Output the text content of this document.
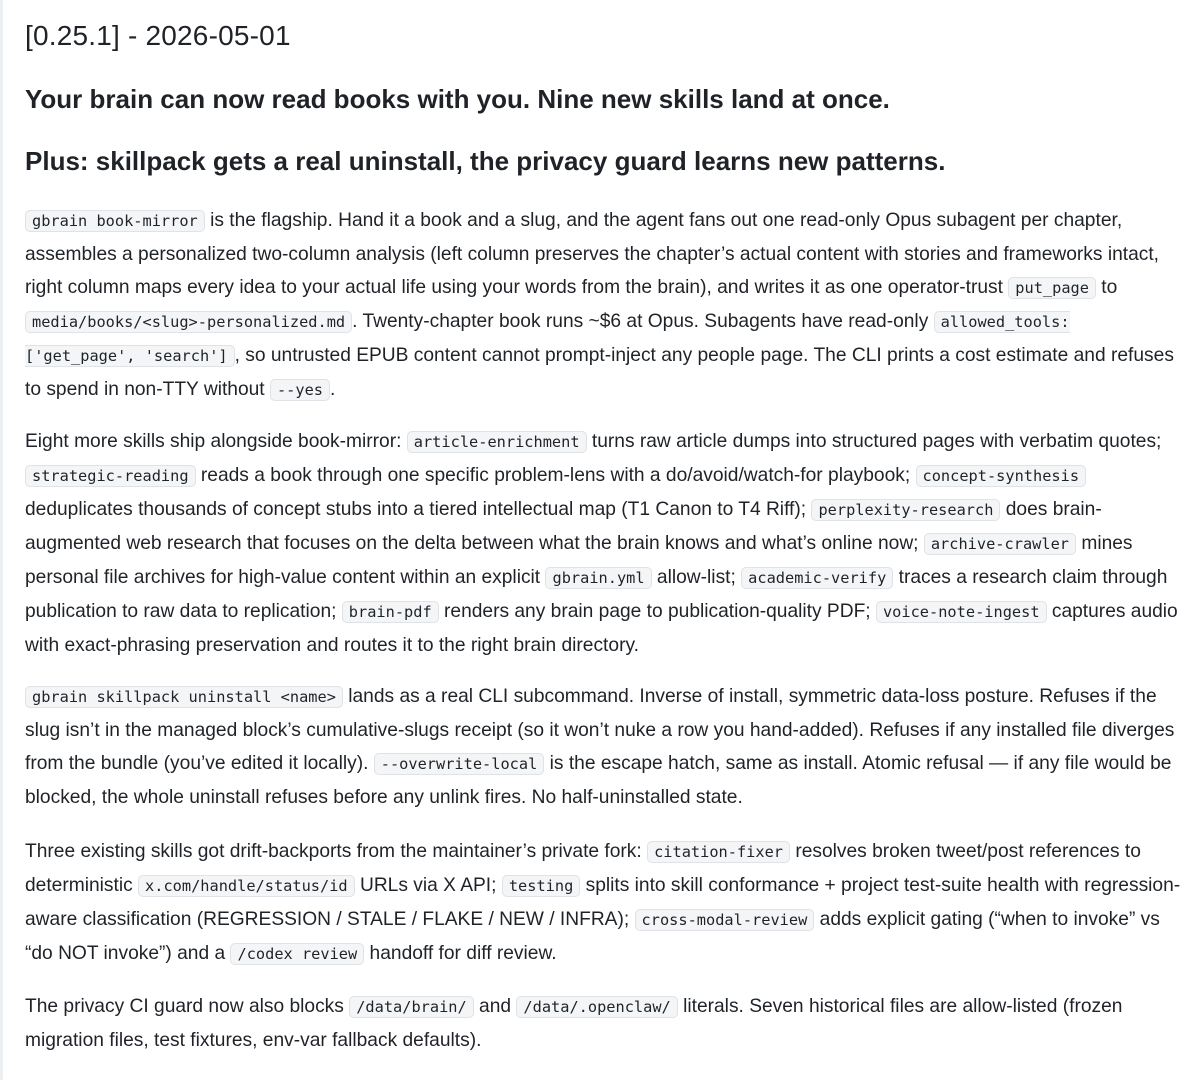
[0.25.1] - 2026-05-01
Your brain can now read books with you. Nine new skills land at once.
Plus: skillpack gets a real uninstall, the privacy guard learns new patterns.

gbrain book-mirror is the flagship. Hand it a book and a slug, and the agent fans out one read-only Opus subagent per chapter, assembles a personalized two-column analysis (left column preserves the chapter’s actual content with stories and frameworks intact, right column maps every idea to your actual life using your words from the brain), and writes it as one operator-trust put_page to media/books/<slug>-personalized.md . Twenty-chapter book runs ~$6 at Opus. Subagents have read-only allowed_tools: ['get_page', 'search'] , so untrusted EPUB content cannot prompt-inject any people page. The CLI prints a cost estimate and refuses to spend in non-TTY without --yes .

Eight more skills ship alongside book-mirror: article-enrichment turns raw article dumps into structured pages with verbatim quotes; strategic-reading reads a book through one specific problem-lens with a do/avoid/watch-for playbook; concept-synthesis deduplicates thousands of concept stubs into a tiered intellectual map (T1 Canon to T4 Riff); perplexity-research does brain-augmented web research that focuses on the delta between what the brain knows and what’s online now; archive-crawler mines personal file archives for high-value content within an explicit gbrain.yml allow-list; academic-verify traces a research claim through publication to raw data to replication; brain-pdf renders any brain page to publication-quality PDF; voice-note-ingest captures audio with exact-phrasing preservation and routes it to the right brain directory.

gbrain skillpack uninstall <name> lands as a real CLI subcommand. Inverse of install, symmetric data-loss posture. Refuses if the slug isn’t in the managed block’s cumulative-slugs receipt (so it won’t nuke a row you hand-added). Refuses if any installed file diverges from the bundle (you’ve edited it locally). --overwrite-local is the escape hatch, same as install. Atomic refusal — if any file would be blocked, the whole uninstall refuses before any unlink fires. No half-uninstalled state.

Three existing skills got drift-backports from the maintainer’s private fork: citation-fixer resolves broken tweet/post references to deterministic x.com/handle/status/id URLs via X API; testing splits into skill conformance + project test-suite health with regression-aware classification (REGRESSION / STALE / FLAKE / NEW / INFRA); cross-modal-review adds explicit gating (“when to invoke” vs “do NOT invoke”) and a /codex review handoff for diff review.

The privacy CI guard now also blocks /data/brain/ and /data/.openclaw/ literals. Seven historical files are allow-listed (frozen migration files, test fixtures, env-var fallback defaults).
